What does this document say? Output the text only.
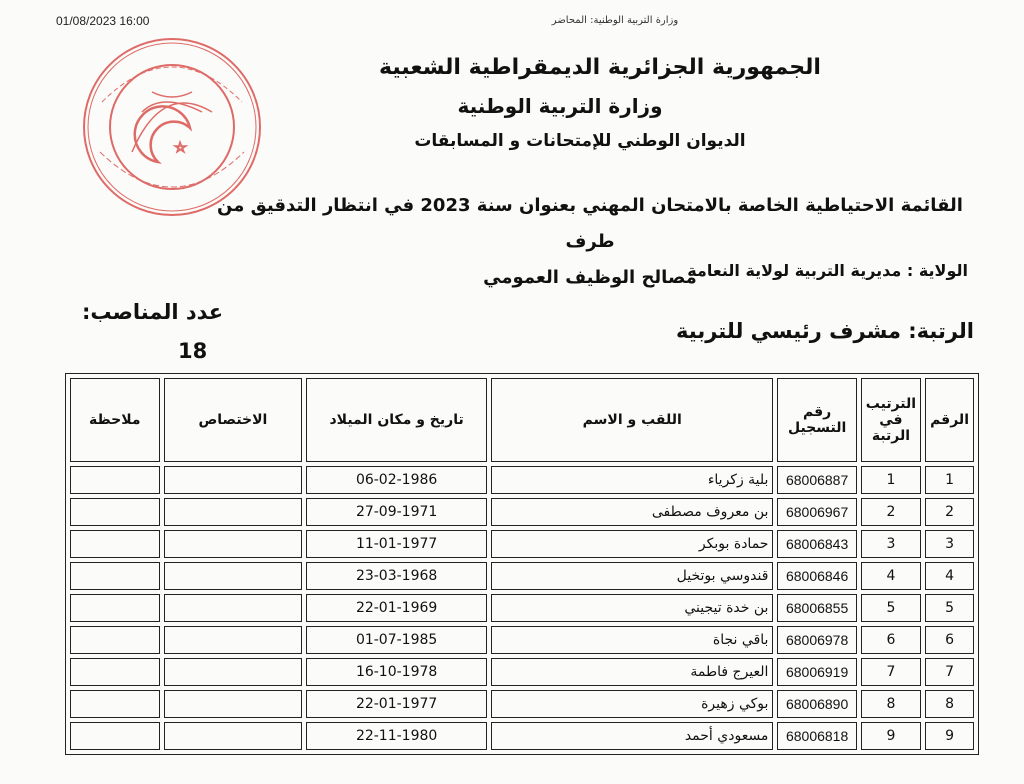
01/08/2023 16:00	وزارة التربية الوطنية: المحاضر
الجمهورية الجزائرية الديمقراطية الشعبية
وزارة التربية الوطنية
الديوان الوطني للإمتحانات و المسابقات
القائمة الاحتياطية الخاصة بالامتحان المهني بعنوان سنة 2023 في انتظار التدقيق من طرف
مصالح الوظيف العمومي
الولاية : مديرية التربية لولاية النعامة
الرتبة: مشرف رئيسي للتربية
عدد المناصب:
18
الرقم	الترتيب في الرتبة	رقم التسجيل	اللقب و الاسم	تاريخ و مكان الميلاد	الاختصاص	ملاحظة
1	1	68006887	بلية زكرياء	06-02-1986		
2	2	68006967	بن معروف مصطفى	27-09-1971		
3	3	68006843	حمادة بوبكر	11-01-1977		
4	4	68006846	قندوسي بوتخيل	23-03-1968		
5	5	68006855	بن خدة تيجيني	22-01-1969		
6	6	68006978	باقي نجاة	01-07-1985		
7	7	68006919	العيرج فاطمة	16-10-1978		
8	8	68006890	بوكي زهيرة	22-01-1977		
9	9	68006818	مسعودي أحمد	22-11-1980		
